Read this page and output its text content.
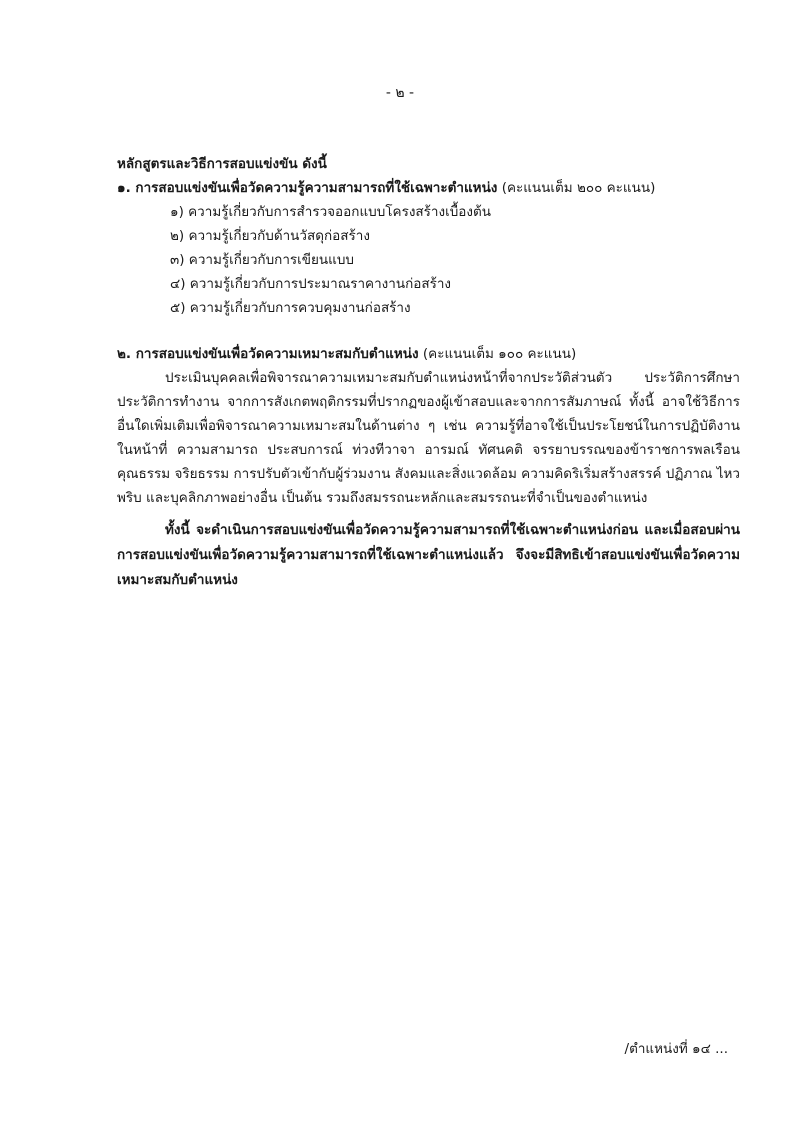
- ๒ -

หลักสูตรและวิธีการสอบแข่งขัน ดังนี้

๑. การสอบแข่งขันเพื่อวัดความรู้ความสามารถที่ใช้เฉพาะตำแหน่ง (คะแนนเต็ม ๒๐๐ คะแนน)

๑) ความรู้เกี่ยวกับการสำรวจออกแบบโครงสร้างเบื้องต้น
๒) ความรู้เกี่ยวกับด้านวัสดุก่อสร้าง
๓) ความรู้เกี่ยวกับการเขียนแบบ
๔) ความรู้เกี่ยวกับการประมาณราคางานก่อสร้าง
๕) ความรู้เกี่ยวกับการควบคุมงานก่อสร้าง

๒. การสอบแข่งขันเพื่อวัดความเหมาะสมกับตำแหน่ง (คะแนนเต็ม ๑๐๐ คะแนน)

ประเมินบุคคลเพื่อพิจารณาความเหมาะสมกับตำแหน่งหน้าที่จากประวัติส่วนตัว ประวัติการศึกษา ประวัติการทำงาน จากการสังเกตพฤติกรรมที่ปรากฏของผู้เข้าสอบและจากการสัมภาษณ์ ทั้งนี้ อาจใช้วิธีการอื่นใดเพิ่มเติมเพื่อพิจารณาความเหมาะสมในด้านต่าง ๆ เช่น ความรู้ที่อาจใช้เป็นประโยชน์ในการปฏิบัติงานในหน้าที่ ความสามารถ ประสบการณ์ ท่วงทีวาจา อารมณ์ ทัศนคติ จรรยาบรรณของข้าราชการพลเรือน คุณธรรม จริยธรรม การปรับตัวเข้ากับผู้ร่วมงาน สังคมและสิ่งแวดล้อม ความคิดริเริ่มสร้างสรรค์ ปฏิภาณ ไหวพริบ และบุคลิกภาพอย่างอื่น เป็นต้น รวมถึงสมรรถนะหลักและสมรรถนะที่จำเป็นของตำแหน่ง

ทั้งนี้ จะดำเนินการสอบแข่งขันเพื่อวัดความรู้ความสามารถที่ใช้เฉพาะตำแหน่งก่อน และเมื่อสอบผ่านการสอบแข่งขันเพื่อวัดความรู้ความสามารถที่ใช้เฉพาะตำแหน่งแล้ว จึงจะมีสิทธิเข้าสอบแข่งขันเพื่อวัดความเหมาะสมกับตำแหน่ง

/ตำแหน่งที่ ๑๔ ...
